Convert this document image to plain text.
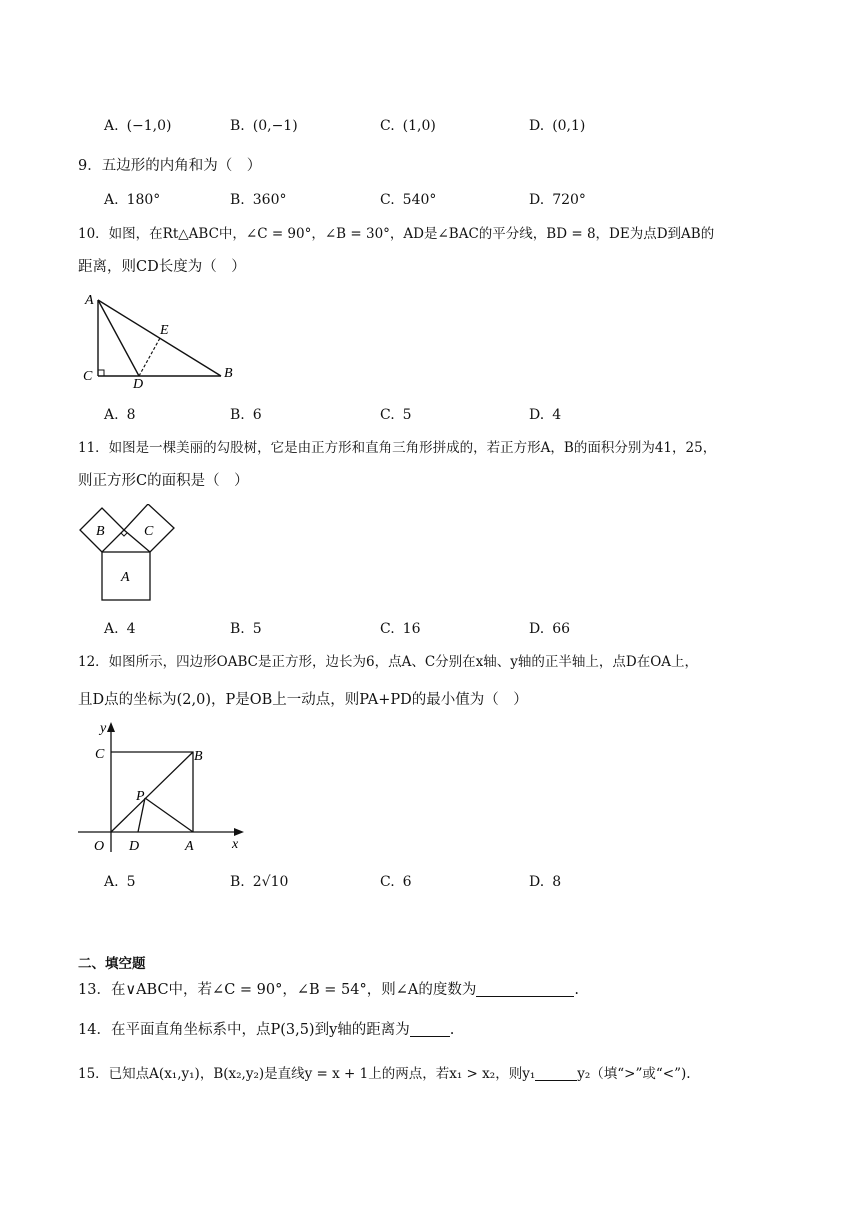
A. (−1,0)	B. (0,−1)	C. (1,0)	D. (0,1)
9．五边形的内角和为（　）
A. 180°	B. 360°	C. 540°	D. 720°
10．如图，在Rt△ABC中，∠C = 90°，∠B = 30°，AD是∠BAC的平分线，BD = 8，DE为点D到AB的
距离，则CD长度为（　）
A
B
C
D
E
A. 8	B. 6	C. 5	D. 4
11．如图是一棵美丽的勾股树，它是由正方形和直角三角形拼成的，若正方形A，B的面积分别为41，25，
则正方形C的面积是（　）
B	C
A
A. 4	B. 5	C. 16	D. 66
12．如图所示，四边形OABC是正方形，边长为6，点A、C分别在x轴、y轴的正半轴上，点D在OA上，
且D点的坐标为(2,0)，P是OB上一动点，则PA+PD的最小值为（　）
y
x
C	B
P
O D	A
A. 5	B. 2√10	C. 6	D. 8
二、填空题
13．在∨ABC中，若∠C = 90°，∠B = 54°，则∠A的度数为	.
14．在平面直角坐标系中，点P(3,5)到y轴的距离为	.
15．已知点A(x₁,y₁)，B(x₂,y₂)是直线y = x + 1上的两点，若x₁ > x₂，则y₁	y₂（填“>”或“<”).
